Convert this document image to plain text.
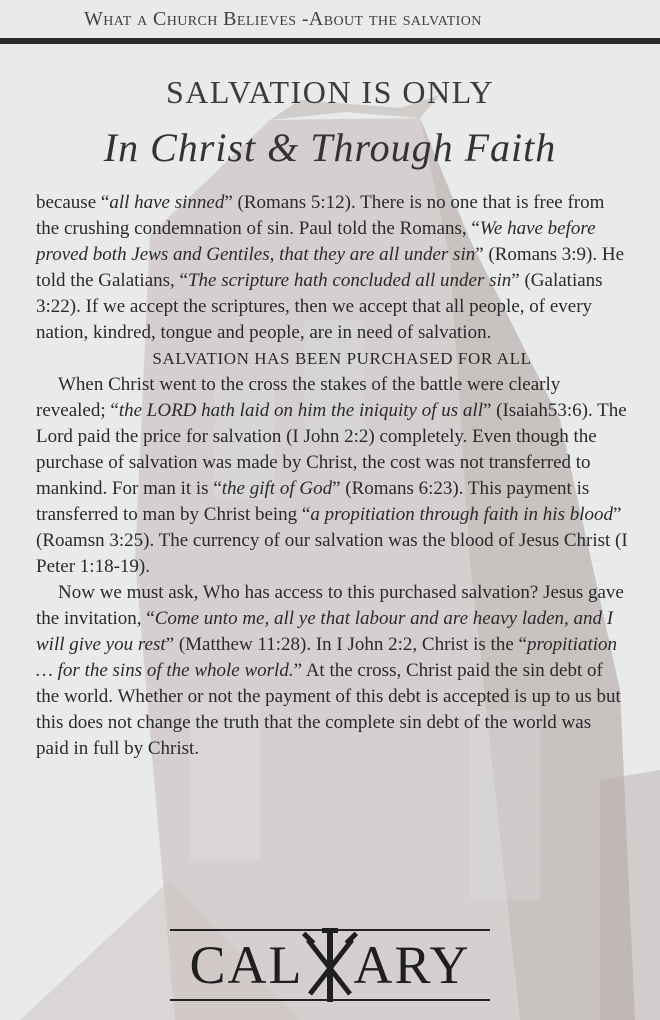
What a Church Believes -About the salvation
SALVATION IS ONLY
In Christ & Through Faith

because “all have sinned” (Romans 5:12). There is no one that is free from the crushing condemnation of sin. Paul told the Romans, “We have before proved both Jews and Gentiles, that they are all under sin” (Romans 3:9). He told the Galatians, “The scripture hath concluded all under sin” (Galatians 3:22). If we accept the scriptures, then we accept that all people, of every nation, kindred, tongue and people, are in need of salvation.

SALVATION HAS BEEN PURCHASED FOR ALL

When Christ went to the cross the stakes of the battle were clearly revealed; “the LORD hath laid on him the iniquity of us all” (Isaiah53:6). The Lord paid the price for salvation (I John 2:2) completely. Even though the purchase of salvation was made by Christ, the cost was not transferred to mankind. For man it is “the gift of God” (Romans 6:23). This payment is transferred to man by Christ being “a propitiation through faith in his blood” (Roamsn 3:25). The currency of our salvation was the blood of Jesus Christ (I Peter 1:18-19).

Now we must ask, Who has access to this purchased salvation? Jesus gave the invitation, “Come unto me, all ye that labour and are heavy laden, and I will give you rest” (Matthew 11:28). In I John 2:2, Christ is the “propitiation … for the sins of the whole world.” At the cross, Christ paid the sin debt of the world. Whether or not the payment of this debt is accepted is up to us but this does not change the truth that the complete sin debt of the world was paid in full by Christ.

CAL ARY
